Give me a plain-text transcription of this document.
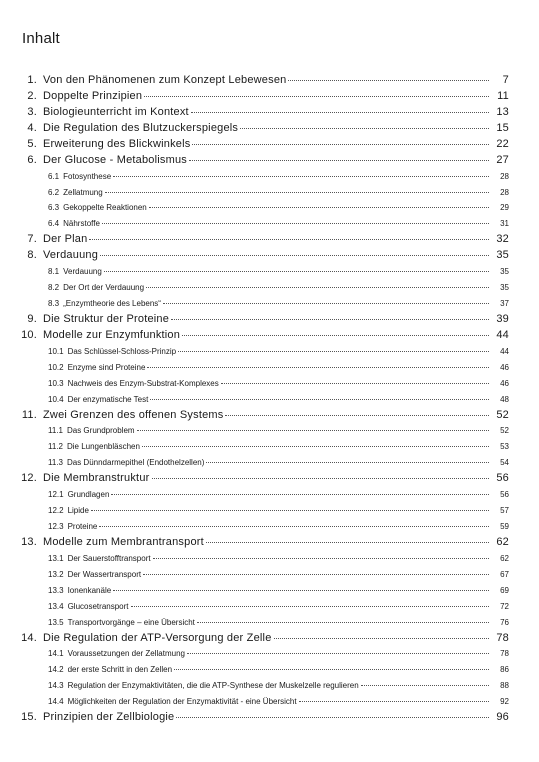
Inhalt
1. Von den Phänomenen zum Konzept Lebewesen	7
2. Doppelte Prinzipien	11
3. Biologieunterricht im Kontext	13
4. Die Regulation des Blutzuckerspiegels	15
5. Erweiterung des Blickwinkels	22
6. Der Glucose - Metabolismus	27
6.1 Fotosynthese	28
6.2 Zellatmung	28
6.3 Gekoppelte Reaktionen	29
6.4 Nährstoffe	31
7. Der Plan	32
8. Verdauung	35
8.1 Verdauung	35
8.2 Der Ort der Verdauung	35
8.3 „Enzymtheorie des Lebens“	37
9. Die Struktur der Proteine	39
10. Modelle zur Enzymfunktion	44
10.1 Das Schlüssel-Schloss-Prinzip	44
10.2 Enzyme sind Proteine	46
10.3 Nachweis des Enzym-Substrat-Komplexes	46
10.4 Der enzymatische Test	48
11. Zwei Grenzen des offenen Systems	52
11.1 Das Grundproblem	52
11.2 Die Lungenbläschen	53
11.3 Das Dünndarmepithel (Endothelzellen)	54
12. Die Membranstruktur	56
12.1 Grundlagen	56
12.2 Lipide	57
12.3 Proteine	59
13. Modelle zum Membrantransport	62
13.1 Der Sauerstofftransport	62
13.2 Der Wassertransport	67
13.3 Ionenkanäle	69
13.4 Glucosetransport	72
13.5 Transportvorgänge – eine Übersicht	76
14. Die Regulation der ATP-Versorgung der Zelle	78
14.1 Voraussetzungen der Zellatmung	78
14.2 der erste Schritt in den Zellen	86
14.3 Regulation der Enzymaktivitäten, die die ATP-Synthese der Muskelzelle regulieren	88
14.4 Möglichkeiten der Regulation der Enzymaktivität - eine Übersicht	92
15. Prinzipien der Zellbiologie	96
